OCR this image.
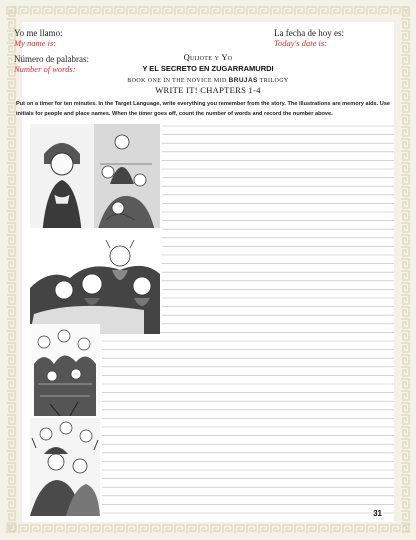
Yo me llamo:
My name is:
La fecha de hoy es:
Today's date is:
Número de palabras:
Number of words:
Quijote y Yo
Y EL SECRETO EN ZUGARRAMURDI
BOOK ONE IN THE NOVICE MID BRUJAS TRILOGY
WRITE IT! CHAPTERS 1-4
Put on a timer for ten minutes. In the Target Language, write everything you remember from the story. The illustrations are memory aids. Use initials for people and place names. When the timer goes off, count the number of words and record the number above.
31
